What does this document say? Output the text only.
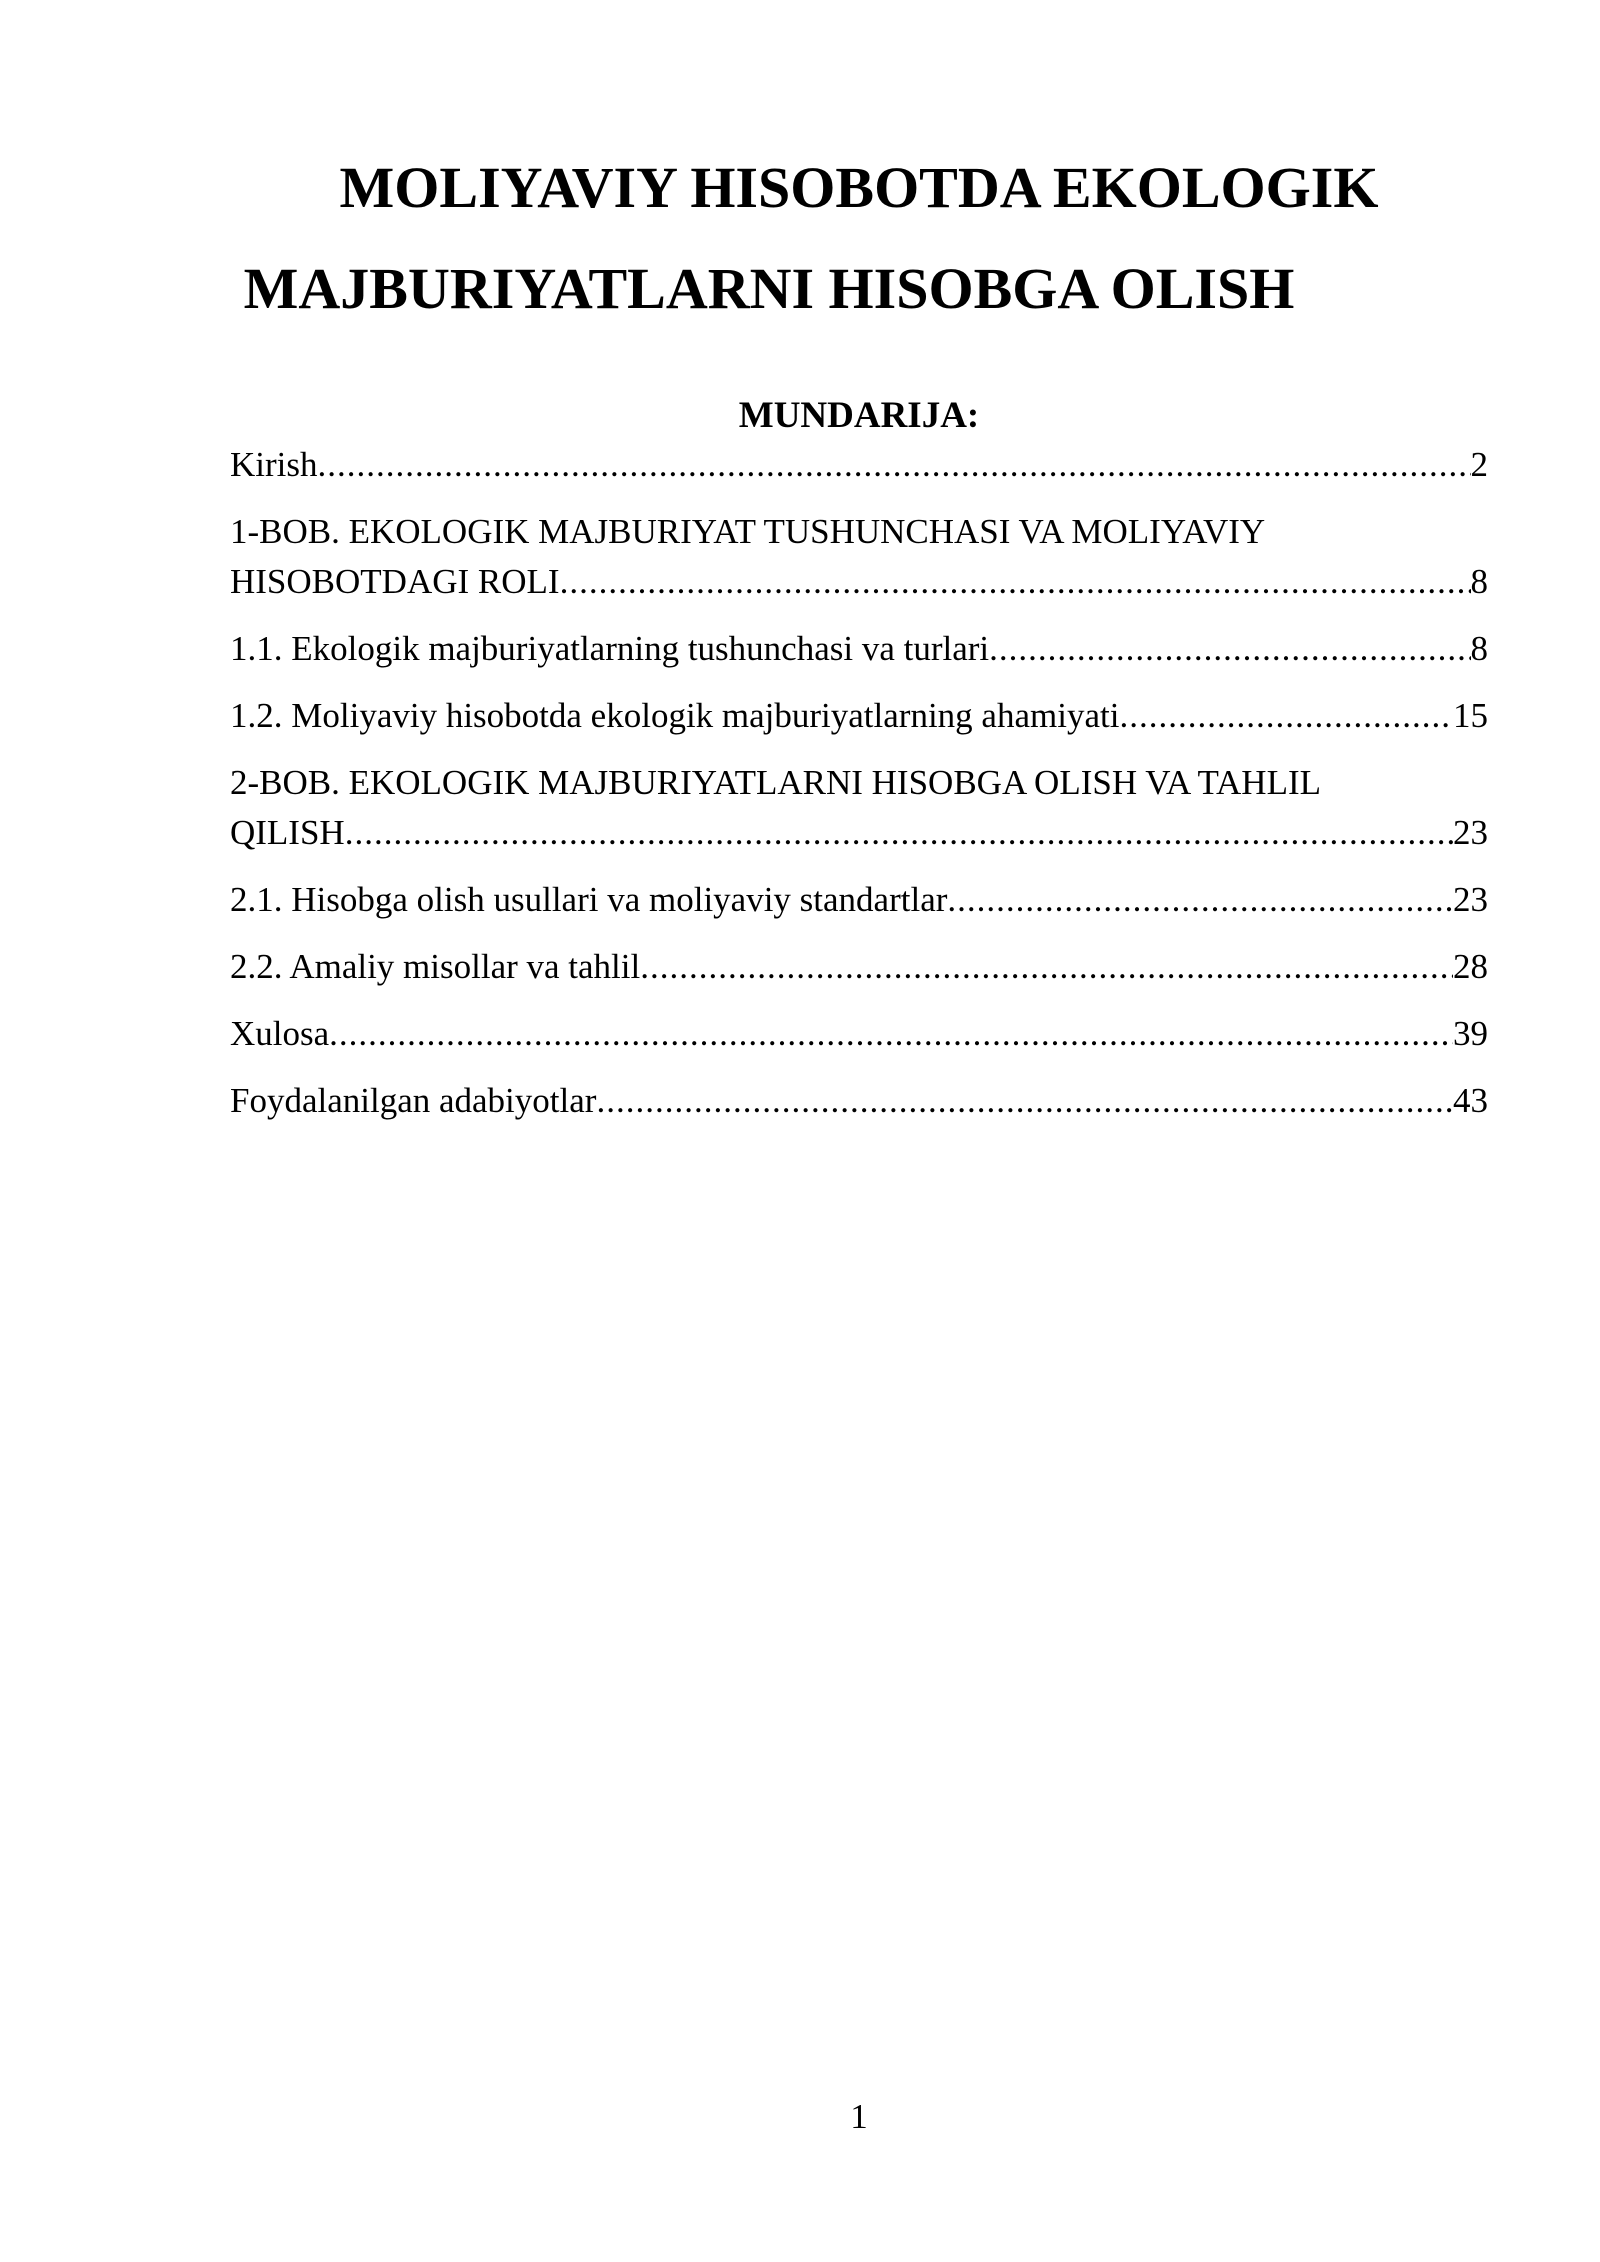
MOLIYAVIY HISOBOTDA EKOLOGIK
MAJBURIYATLARNI HISOBGA OLISH
MUNDARIJA:
Kirish .....	2
1-BOB. EKOLOGIK MAJBURIYAT TUSHUNCHASI VA MOLIYAVIY
HISOBOTDAGI ROLI .....	8
1.1. Ekologik majburiyatlarning tushunchasi va turlari .....	8
1.2. Moliyaviy hisobotda ekologik majburiyatlarning ahamiyati .....	15
2-BOB. EKOLOGIK MAJBURIYATLARNI HISOBGA OLISH VA TAHLIL
QILISH .....	23
2.1. Hisobga olish usullari va moliyaviy standartlar .....	23
2.2. Amaliy misollar va tahlil .....	28
Xulosa .....	39
Foydalanilgan adabiyotlar .....	43
1
